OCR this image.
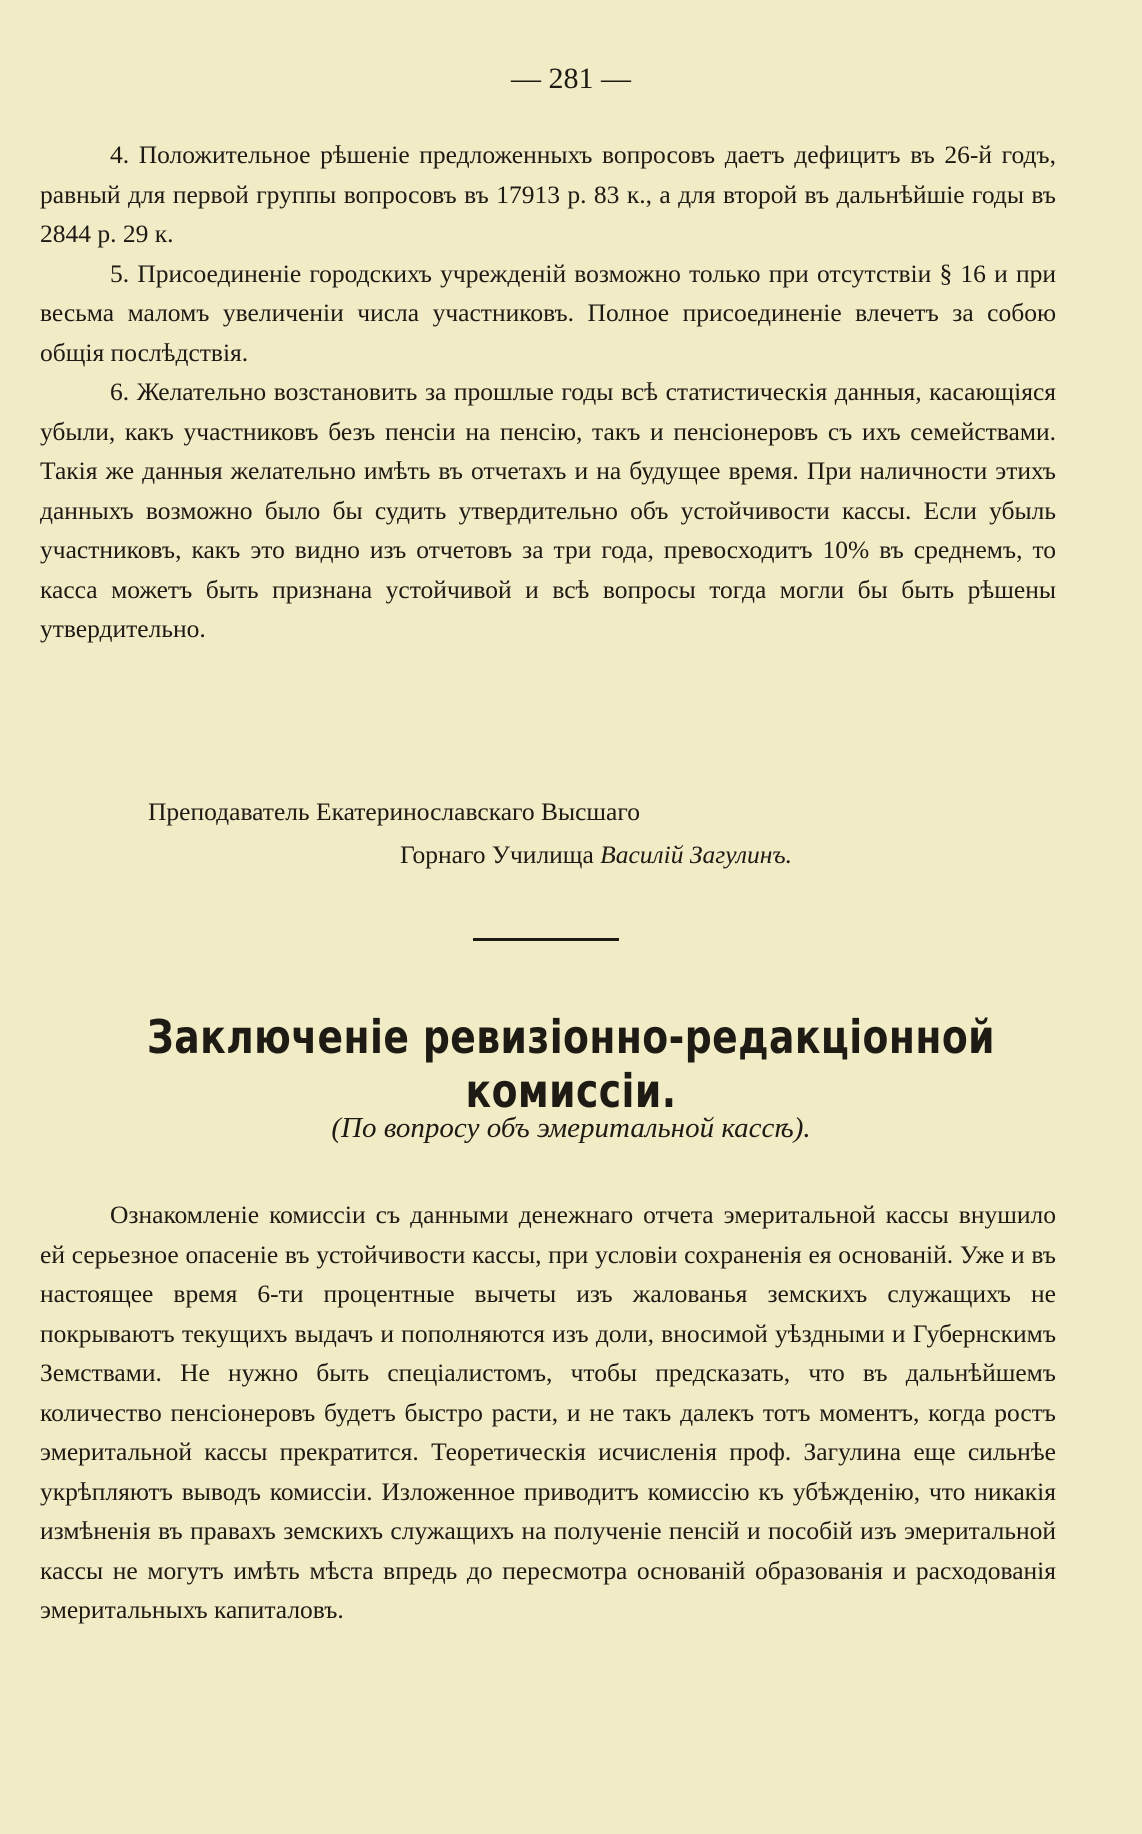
— 281 —

4. Положительное рѣшеніе предложенныхъ вопросовъ даетъ дефицитъ въ 26-й годъ, равный для первой группы вопросовъ въ 17913 р. 83 к., а для второй въ дальнѣйшіе годы въ 2844 р. 29 к.

5. Присоединеніе городскихъ учрежденій возможно только при отсутствіи § 16 и при весьма маломъ увеличеніи числа участниковъ. Полное присоединеніе влечетъ за собою общія послѣдствія.

6. Желательно возстановить за прошлые годы всѣ статистическія данныя, касающіяся убыли, какъ участниковъ безъ пенсіи на пенсію, такъ и пенсіонеровъ съ ихъ семействами. Такія же данныя желательно имѣть въ отчетахъ и на будущее время. При наличности этихъ данныхъ возможно было бы судить утвердительно объ устойчивости кассы. Если убыль участниковъ, какъ это видно изъ отчетовъ за три года, превосходитъ 10% въ среднемъ, то касса можетъ быть признана устойчивой и всѣ вопросы тогда могли бы быть рѣшены утвердительно.

Преподаватель Екатеринославскаго Высшаго
Горнаго Училища Василій Загулинъ.
Заключеніе ревизіонно-редакціонной комиссіи.
(По вопросу объ эмеритальной кассѣ).

Ознакомленіе комиссіи съ данными денежнаго отчета эмеритальной кассы внушило ей серьезное опасеніе въ устойчивости кассы, при условіи сохраненія ея основаній. Уже и въ настоящее время 6-ти процентные вычеты изъ жалованья земскихъ служащихъ не покрываютъ текущихъ выдачъ и пополняются изъ доли, вносимой уѣздными и Губернскимъ Земствами. Не нужно быть спеціалистомъ, чтобы предсказать, что въ дальнѣйшемъ количество пенсіонеровъ будетъ быстро расти, и не такъ далекъ тотъ моментъ, когда ростъ эмеритальной кассы прекратится. Теоретическія исчисленія проф. Загулина еще сильнѣе укрѣпляютъ выводъ комиссіи. Изложенное приводитъ комиссію къ убѣжденію, что никакія измѣненія въ правахъ земскихъ служащихъ на полученіе пенсій и пособій изъ эмеритальной кассы не могутъ имѣть мѣста впредь до пересмотра основаній образованія и расходованія эмеритальныхъ капиталовъ.
